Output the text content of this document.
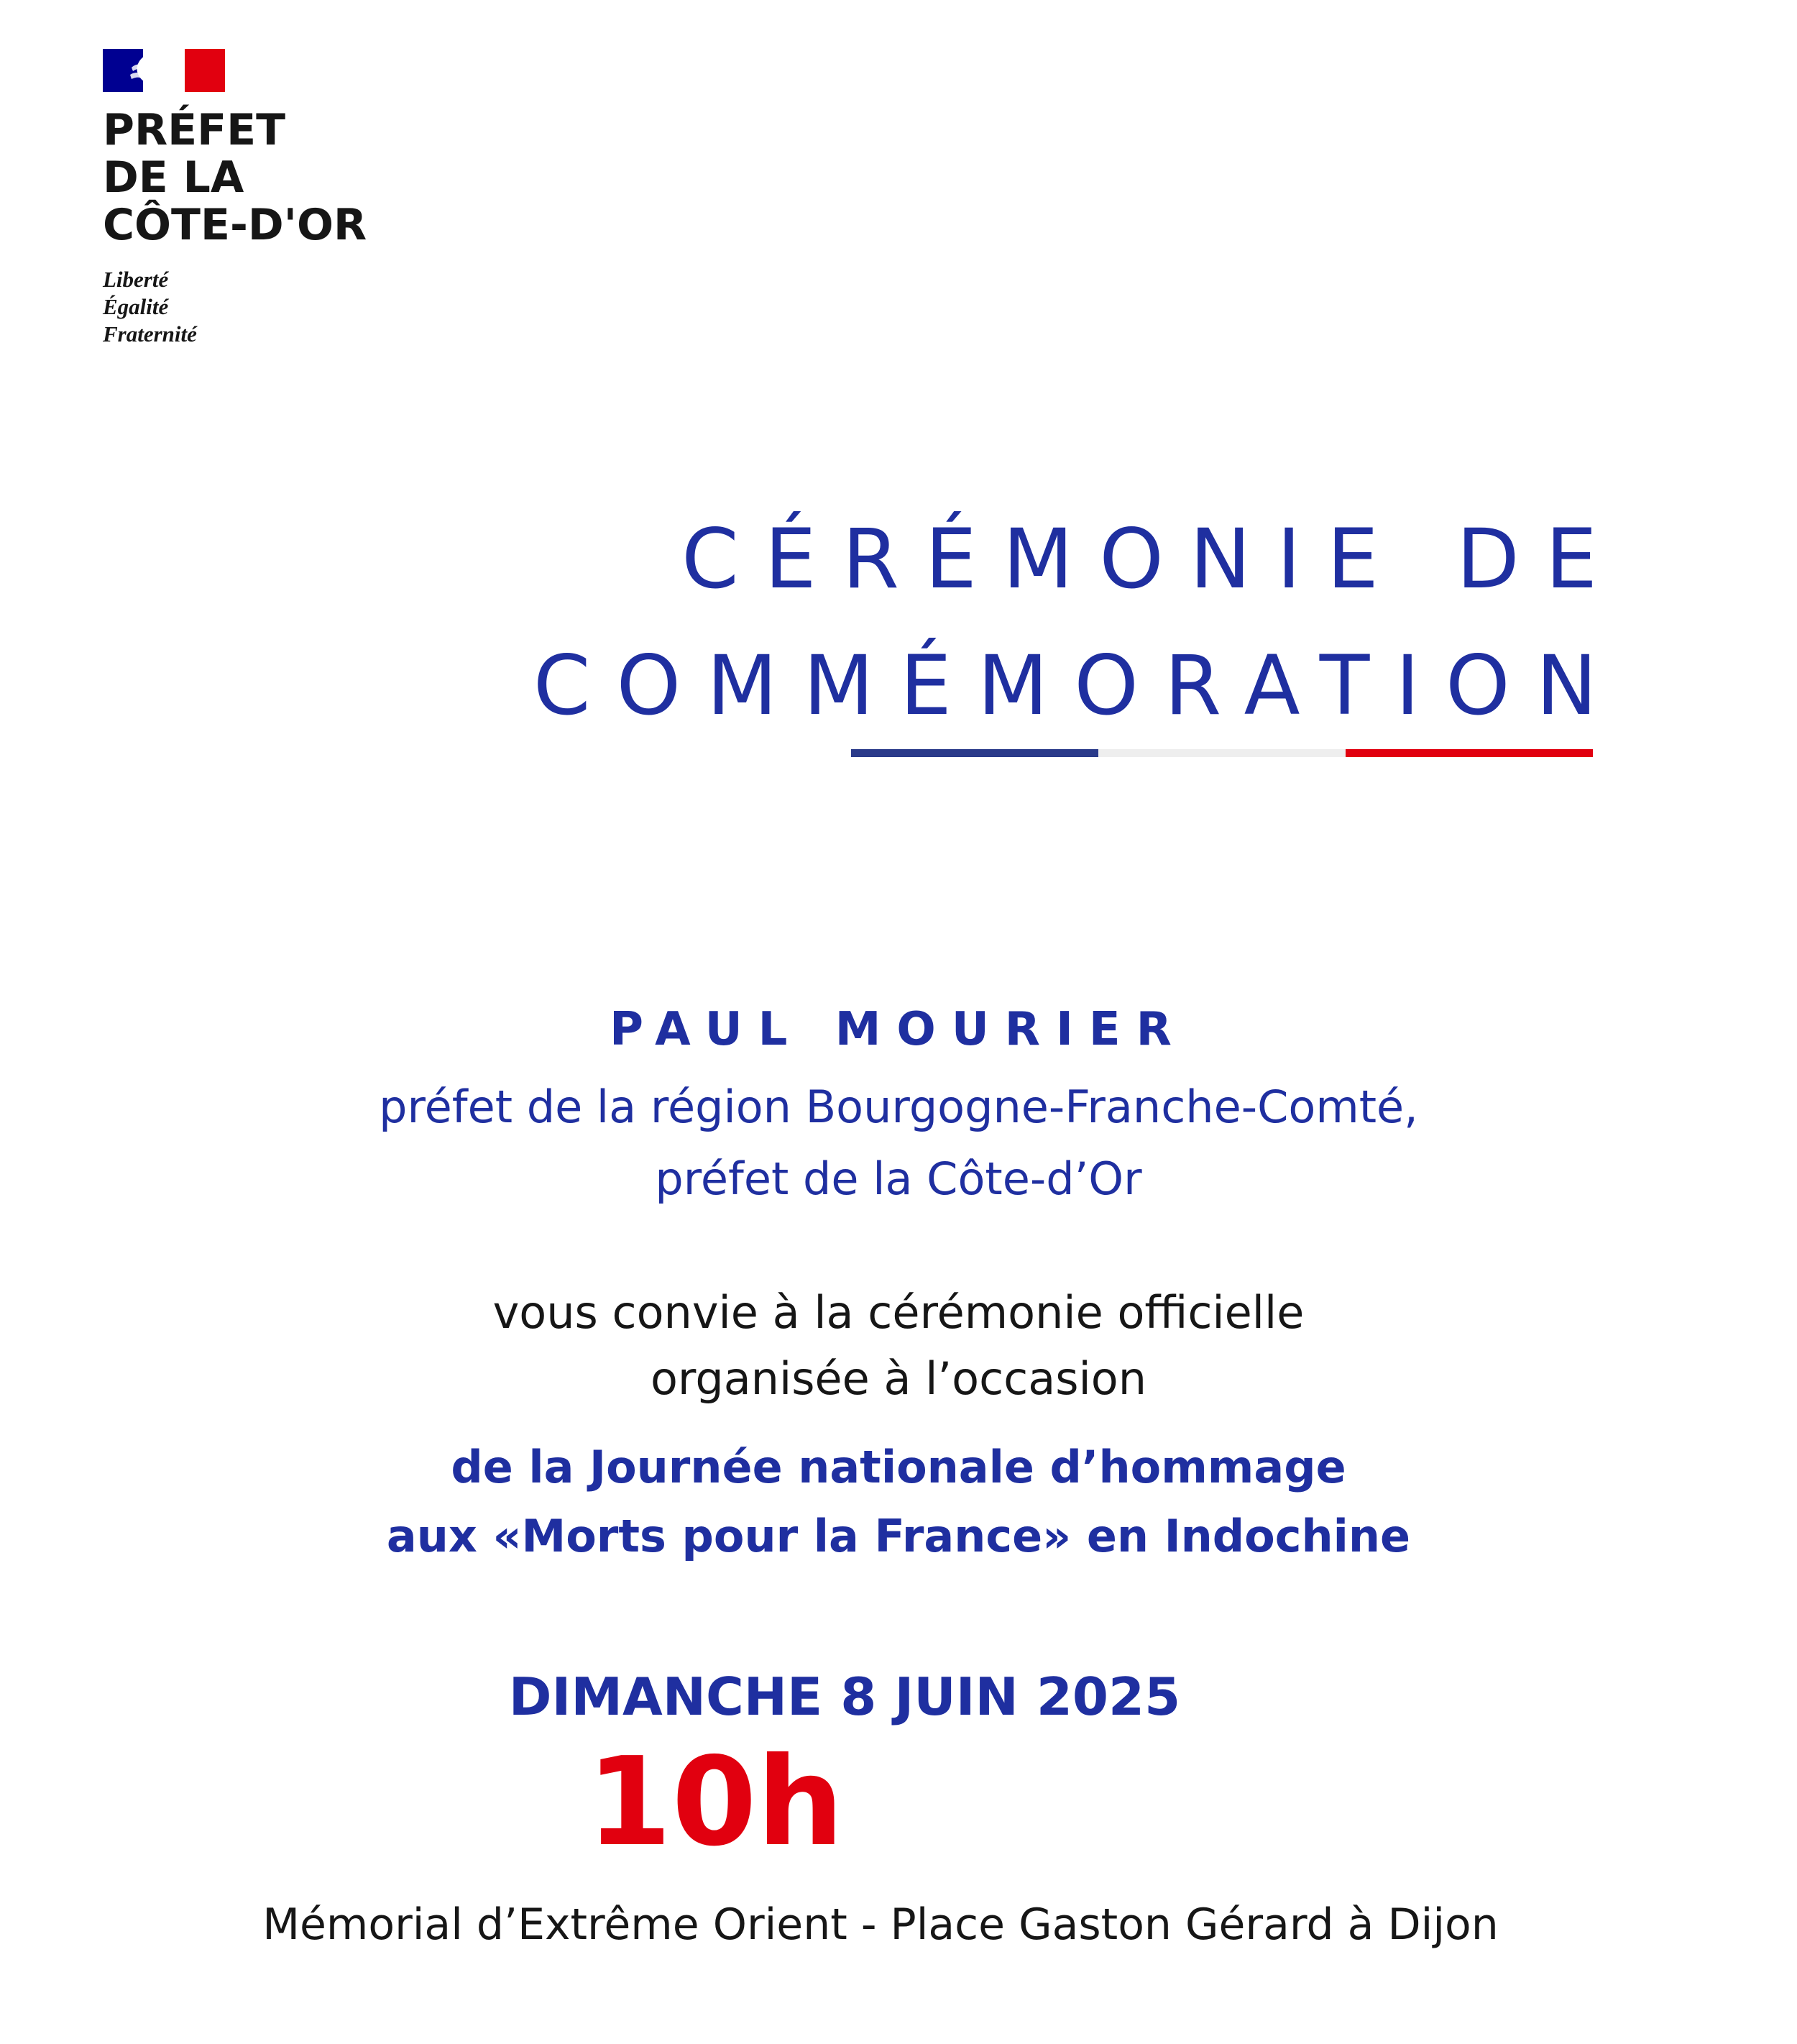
PRÉFET
DE LA
CÔTE-D'OR
Liberté
Égalité
Fraternité
CÉRÉMONIE DE
COMMÉMORATION
PAUL MOURIER
préfet de la région Bourgogne-Franche-Comté,
préfet de la Côte-d’Or
vous convie à la cérémonie officielle
organisée à l’occasion
de la Journée nationale d’hommage
aux «Morts pour la France» en Indochine
DIMANCHE 8 JUIN 2025
10h
Mémorial d’Extrême Orient - Place Gaston Gérard à Dijon
